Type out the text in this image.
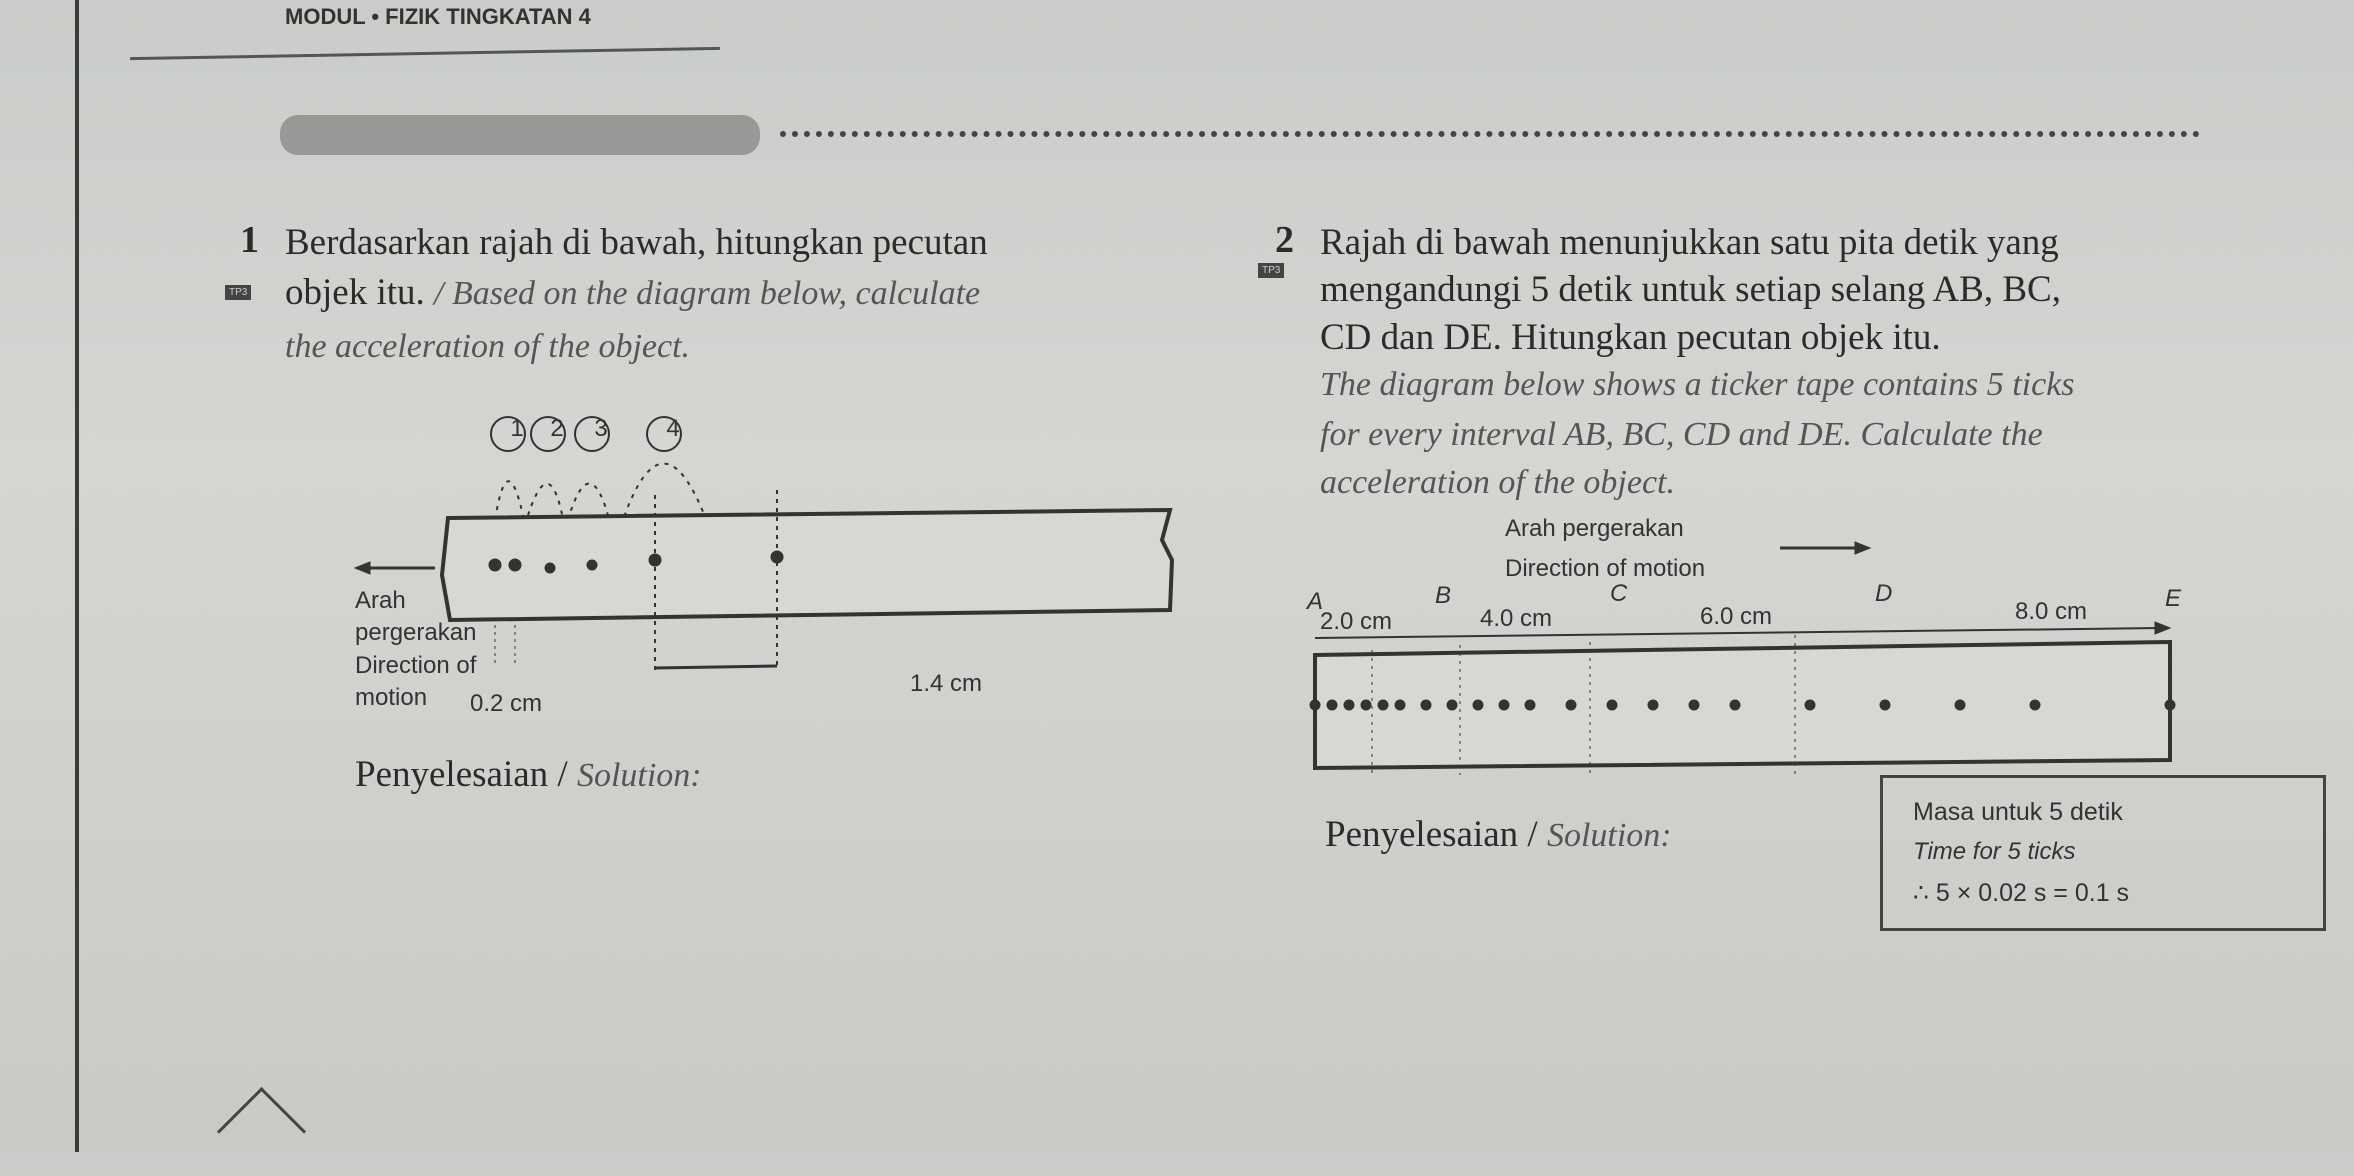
MODUL • FIZIK TINGKATAN 4
1 Berdasarkan rajah di bawah, hitungkan pecutan
TP3 objek itu. / Based on the diagram below, calculate
the acceleration of the object.
1	2	3	4
Arah pergerakan
Direction of motion	0.2 cm
1.4 cm
Penyelesaian / Solution:
2 Rajah di bawah menunjukkan satu pita detik yang
TP3 mengandungi 5 detik untuk setiap selang AB, BC,
CD dan DE. Hitungkan pecutan objek itu.
The diagram below shows a ticker tape contains 5 ticks
for every interval AB, BC, CD and DE. Calculate the
acceleration of the object.
Arah pergerakan
Direction of motion
A	B	C	D	E
2.0 cm	4.0 cm	6.0 cm	8.0 cm
Penyelesaian / Solution:
Masa untuk 5 detik
Time for 5 ticks
∴ 5 × 0.02 s = 0.1 s
